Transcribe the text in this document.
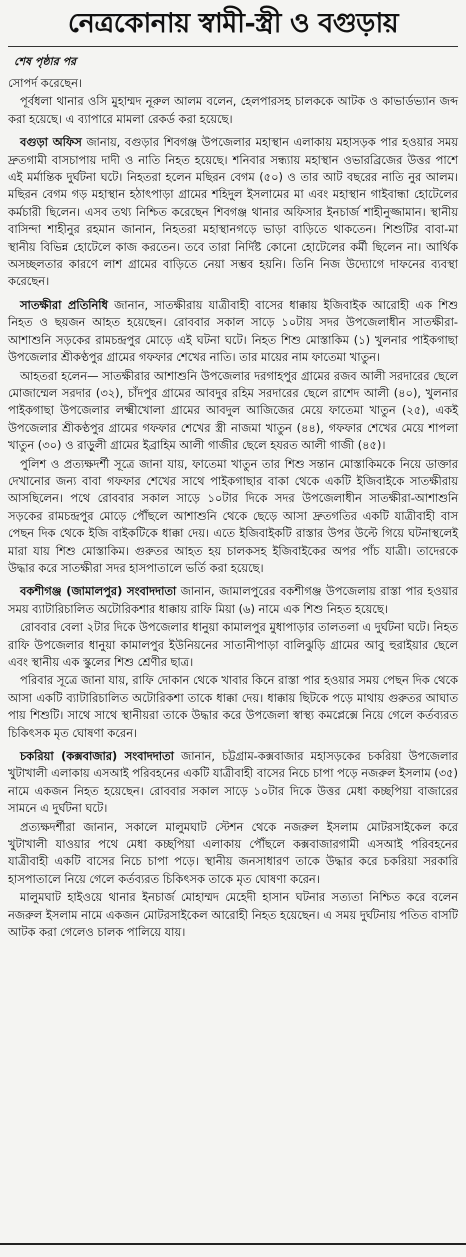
নেত্রকোনায় স্বামী-স্ত্রী ও বগুড়ায়
শেষ পৃষ্ঠার পর

সোপর্দ করেছেন।

পূর্বধলা থানার ওসি মুহাম্মদ নূরুল আলম বলেন, হেলপারসহ চালককে আটক ও কাভার্ডভ্যান জব্দ করা হয়েছে। এ ব্যাপারে মামলা রেকর্ড করা হয়েছে।

বগুড়া অফিস জানায়, বগুড়ার শিবগঞ্জ উপজেলার মহাস্থান এলাকায় মহাসড়ক পার হওয়ার সময় দ্রুতগামী বাসচাপায় দাদী ও নাতি নিহত হয়েছে। শনিবার সন্ধ্যায় মহাস্থান ওভারব্রিজের উত্তর পাশে এই মর্মান্তিক দুর্ঘটনা ঘটে। নিহতরা হলেন মছিরন বেগম (৫০) ও তার আট বছরের নাতি নুর আলম। মছিরন বেগম গড় মহাস্থান হঠাৎপাড়া গ্রামের শহিদুল ইসলামের মা এবং মহাস্থান গাইবান্ধা হোটেলের কর্মচারী ছিলেন। এসব তথ্য নিশ্চিত করেছেন শিবগঞ্জ থানার অফিসার ইনচার্জ শাহীনুজ্জামান। স্থানীয় বাসিন্দা শাহীনুর রহমান জানান, নিহতরা মহাস্থানগড়ে ভাড়া বাড়িতে থাকতেন। শিশুটির বাবা-মা স্থানীয় বিভিন্ন হোটেলে কাজ করতেন। তবে তারা নির্দিষ্ট কোনো হোটেলের কর্মী ছিলেন না। আর্থিক অসচ্ছলতার কারণে লাশ গ্রামের বাড়িতে নেয়া সম্ভব হয়নি। তিনি নিজ উদ্যোগে দাফনের ব্যবস্থা করেছেন।

সাতক্ষীরা প্রতিনিধি জানান, সাতক্ষীরায় যাত্রীবাহী বাসের ধাক্কায় ইজিবাইক আরোহী এক শিশু নিহত ও ছয়জন আহত হয়েছেন। রোববার সকাল সাড়ে ১০টায় সদর উপজেলাধীন সাতক্ষীরা-আশাশুনি সড়কের রামচন্দ্রপুর মোড়ে এই ঘটনা ঘটে। নিহত শিশু মোস্তাকিম (১) খুলনার পাইকগাছা উপজেলার শ্রীকণ্ঠপুর গ্রামের গফফার শেখের নাতি। তার মায়ের নাম ফাতেমা খাতুন।

আহতরা হলেন— সাতক্ষীরার আশাশুনি উপজেলার দরগাহপুর গ্রামের রজব আলী সরদারের ছেলে মোজাম্মেল সরদার (৩২), চাঁদপুর গ্রামের আবদুর রহিম সরদারের ছেলে রাশেদ আলী (৪০), খুলনার পাইকগাছা উপজেলার লক্ষ্মীখোলা গ্রামের আবদুল আজিজের মেয়ে ফাতেমা খাতুন (২৫), একই উপজেলার শ্রীকণ্ঠপুর গ্রামের গফফার শেখের স্ত্রী নাজমা খাতুন (৪৪), গফফার শেখের মেয়ে শাপলা খাতুন (৩০) ও রাড়ুলী গ্রামের ইব্রাহিম আলী গাজীর ছেলে হযরত আলী গাজী (৪৫)।

পুলিশ ও প্রত্যক্ষদর্শী সূত্রে জানা যায়, ফাতেমা খাতুন তার শিশু সন্তান মোস্তাকিমকে নিয়ে ডাক্তার দেখানোর জন্য বাবা গফফার শেখের সাথে পাইকগাছার বাকা থেকে একটি ইজিবাইকে সাতক্ষীরায় আসছিলেন। পথে রোববার সকাল সাড়ে ১০টার দিকে সদর উপজেলাধীন সাতক্ষীরা-আশাশুনি সড়কের রামচন্দ্রপুর মোড়ে পৌঁছলে আশাশুনি থেকে ছেড়ে আসা দ্রুতগতির একটি যাত্রীবাহী বাস পেছন দিক থেকে ইজি বাইকটিকে ধাক্কা দেয়। এতে ইজিবাইকটি রাস্তার উপর উল্টে গিয়ে ঘটনাস্থলেই মারা যায় শিশু মোস্তাকিম। গুরুতর আহত হয় চালকসহ ইজিবাইকের অপর পাঁচ যাত্রী। তাদেরকে উদ্ধার করে সাতক্ষীরা সদর হাসপাতালে ভর্তি করা হয়েছে।

বকশীগঞ্জ (জামালপুর) সংবাদদাতা জানান, জামালপুরের বকশীগঞ্জ উপজেলায় রাস্তা পার হওয়ার সময় ব্যাটারিচালিত অটোরিকশার ধাক্কায় রাফি মিয়া (৬) নামে এক শিশু নিহত হয়েছে।

রোববার বেলা ২টার দিকে উপজেলার ধানুয়া কামালপুর মুধাপাড়ার তালতলা এ দুর্ঘটনা ঘটে। নিহত রাফি উপজেলার ধানুয়া কামালপুর ইউনিয়নের সাতানীপাড়া বালিঝুড়ি গ্রামের আবু হুরাইয়ার ছেলে এবং স্থানীয় এক স্কুলের শিশু শ্রেণীর ছাত্র।

পরিবার সূত্রে জানা যায়, রাফি দোকান থেকে খাবার কিনে রাস্তা পার হওয়ার সময় পেছন দিক থেকে আসা একটি ব্যাটারিচালিত অটোরিকশা তাকে ধাক্কা দেয়। ধাক্কায় ছিটকে পড়ে মাথায় গুরুতর আঘাত পায় শিশুটি। সাথে সাথে স্থানীয়রা তাকে উদ্ধার করে উপজেলা স্বাস্থ্য কমপ্লেক্সে নিয়ে গেলে কর্তব্যরত চিকিৎসক মৃত ঘোষণা করেন।

চকরিয়া (কক্সবাজার) সংবাদদাতা জানান, চট্টগ্রাম-কক্সবাজার মহাসড়কের চকরিয়া উপজেলার খুটাখালী এলাকায় এসআই পরিবহনের একটি যাত্রীবাহী বাসের নিচে চাপা পড়ে নজরুল ইসলাম (৩৫) নামে একজন নিহত হয়েছেন। রোববার সকাল সাড়ে ১০টার দিকে উত্তর মেধা কচ্ছপিয়া বাজারের সামনে এ দুর্ঘটনা ঘটে।

প্রত্যক্ষদর্শীরা জানান, সকালে মালুমঘাট স্টেশন থেকে নজরুল ইসলাম মোটরসাইকেল করে খুটাখালী যাওয়ার পথে মেধা কচ্ছপিয়া এলাকায় পৌঁছলে কক্সবাজারগামী এসআই পরিবহনের যাত্রীবাহী একটি বাসের নিচে চাপা পড়ে। স্থানীয় জনসাধারণ তাকে উদ্ধার করে চকরিয়া সরকারি হাসপাতালে নিয়ে গেলে কর্তব্যরত চিকিৎসক তাকে মৃত ঘোষণা করেন।

মালুমঘাট হাইওয়ে থানার ইনচার্জ মোহাম্মদ মেহেদী হাসান ঘটনার সত্যতা নিশ্চিত করে বলেন নজরুল ইসলাম নামে একজন মোটরসাইকেল আরোহী নিহত হয়েছেন। এ সময় দুর্ঘটনায় পতিত বাসটি আটক করা গেলেও চালক পালিয়ে যায়।
